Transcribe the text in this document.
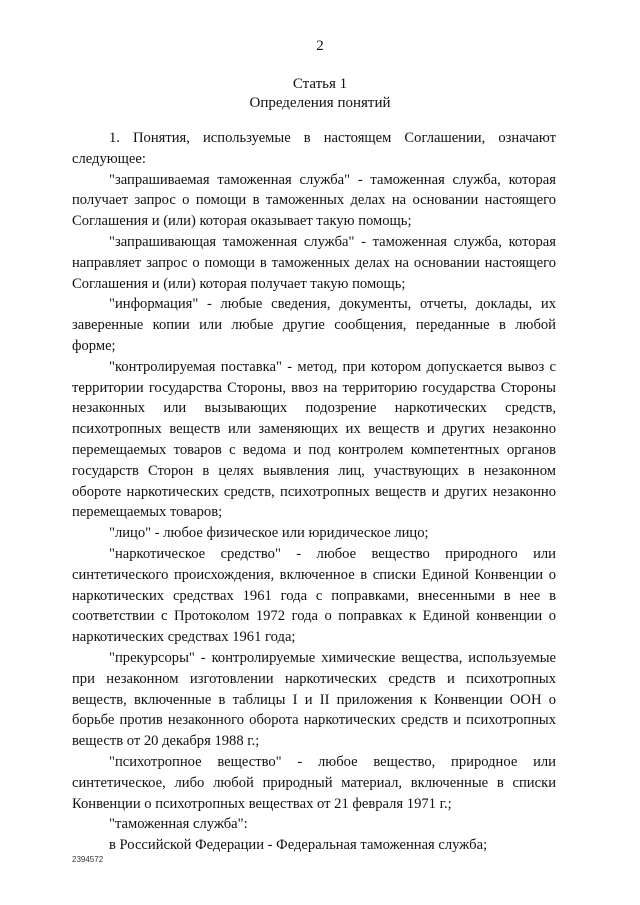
2
Статья 1
Определения понятий

1. Понятия, используемые в настоящем Соглашении, означают следующее:

"запрашиваемая таможенная служба" - таможенная служба, которая получает запрос о помощи в таможенных делах на основании настоящего Соглашения и (или) которая оказывает такую помощь;

"запрашивающая таможенная служба" - таможенная служба, которая направляет запрос о помощи в таможенных делах на основании настоящего Соглашения и (или) которая получает такую помощь;

"информация" - любые сведения, документы, отчеты, доклады, их заверенные копии или любые другие сообщения, переданные в любой форме;

"контролируемая поставка" - метод, при котором допускается вывоз с территории государства Стороны, ввоз на территорию государства Стороны незаконных или вызывающих подозрение наркотических средств, психотропных веществ или заменяющих их веществ и других незаконно перемещаемых товаров с ведома и под контролем компетентных органов государств Сторон в целях выявления лиц, участвующих в незаконном обороте наркотических средств, психотропных веществ и других незаконно перемещаемых товаров;

"лицо" - любое физическое или юридическое лицо;

"наркотическое средство" - любое вещество природного или синтетического происхождения, включенное в списки Единой Конвенции о наркотических средствах 1961 года с поправками, внесенными в нее в соответствии с Протоколом 1972 года о поправках к Единой конвенции о наркотических средствах 1961 года;

"прекурсоры" - контролируемые химические вещества, используемые при незаконном изготовлении наркотических средств и психотропных веществ, включенные в таблицы I и II приложения к Конвенции ООН о борьбе против незаконного оборота наркотических средств и психотропных веществ от 20 декабря 1988 г.;

"психотропное вещество" - любое вещество, природное или синтетическое, либо любой природный материал, включенные в списки Конвенции о психотропных веществах от 21 февраля 1971 г.;

"таможенная служба":

в Российской Федерации - Федеральная таможенная служба;

2394572
